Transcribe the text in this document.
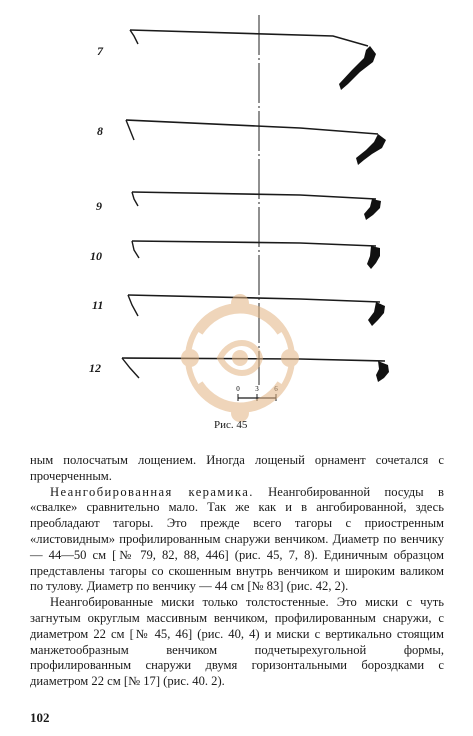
0 3 6
7
8
9
10
11
12
Рис. 45

ным полосчатым лощением. Иногда лощеный орнамент сочетался с прочерченным.

Неангобированная керамика. Неангобированной посуды в «свалке» сравнительно мало. Так же как и в ангобированной, здесь преобладают тагоры. Это прежде всего тагоры с приостренным «листовидным» профилированным снаружи венчиком. Диаметр по венчику — 44—50 см [№ 79, 82, 88, 446] (рис. 45, 7, 8). Единичным образцом представлены тагоры со скошенным внутрь венчиком и широким валиком по тулову. Диаметр по венчику — 44 см [№ 83] (рис. 42, 2).

Неангобированные миски только толстостенные. Это миски с чуть загнутым округлым массивным венчиком, профилированным снаружи, с диаметром 22 см [№ 45, 46] (рис. 40, 4) и миски с вертикально стоящим манжетообразным венчиком подчетырехугольной формы, профилированным снаружи двумя горизонтальными бороздками с диаметром 22 см [№ 17] (рис. 40. 2).

102
